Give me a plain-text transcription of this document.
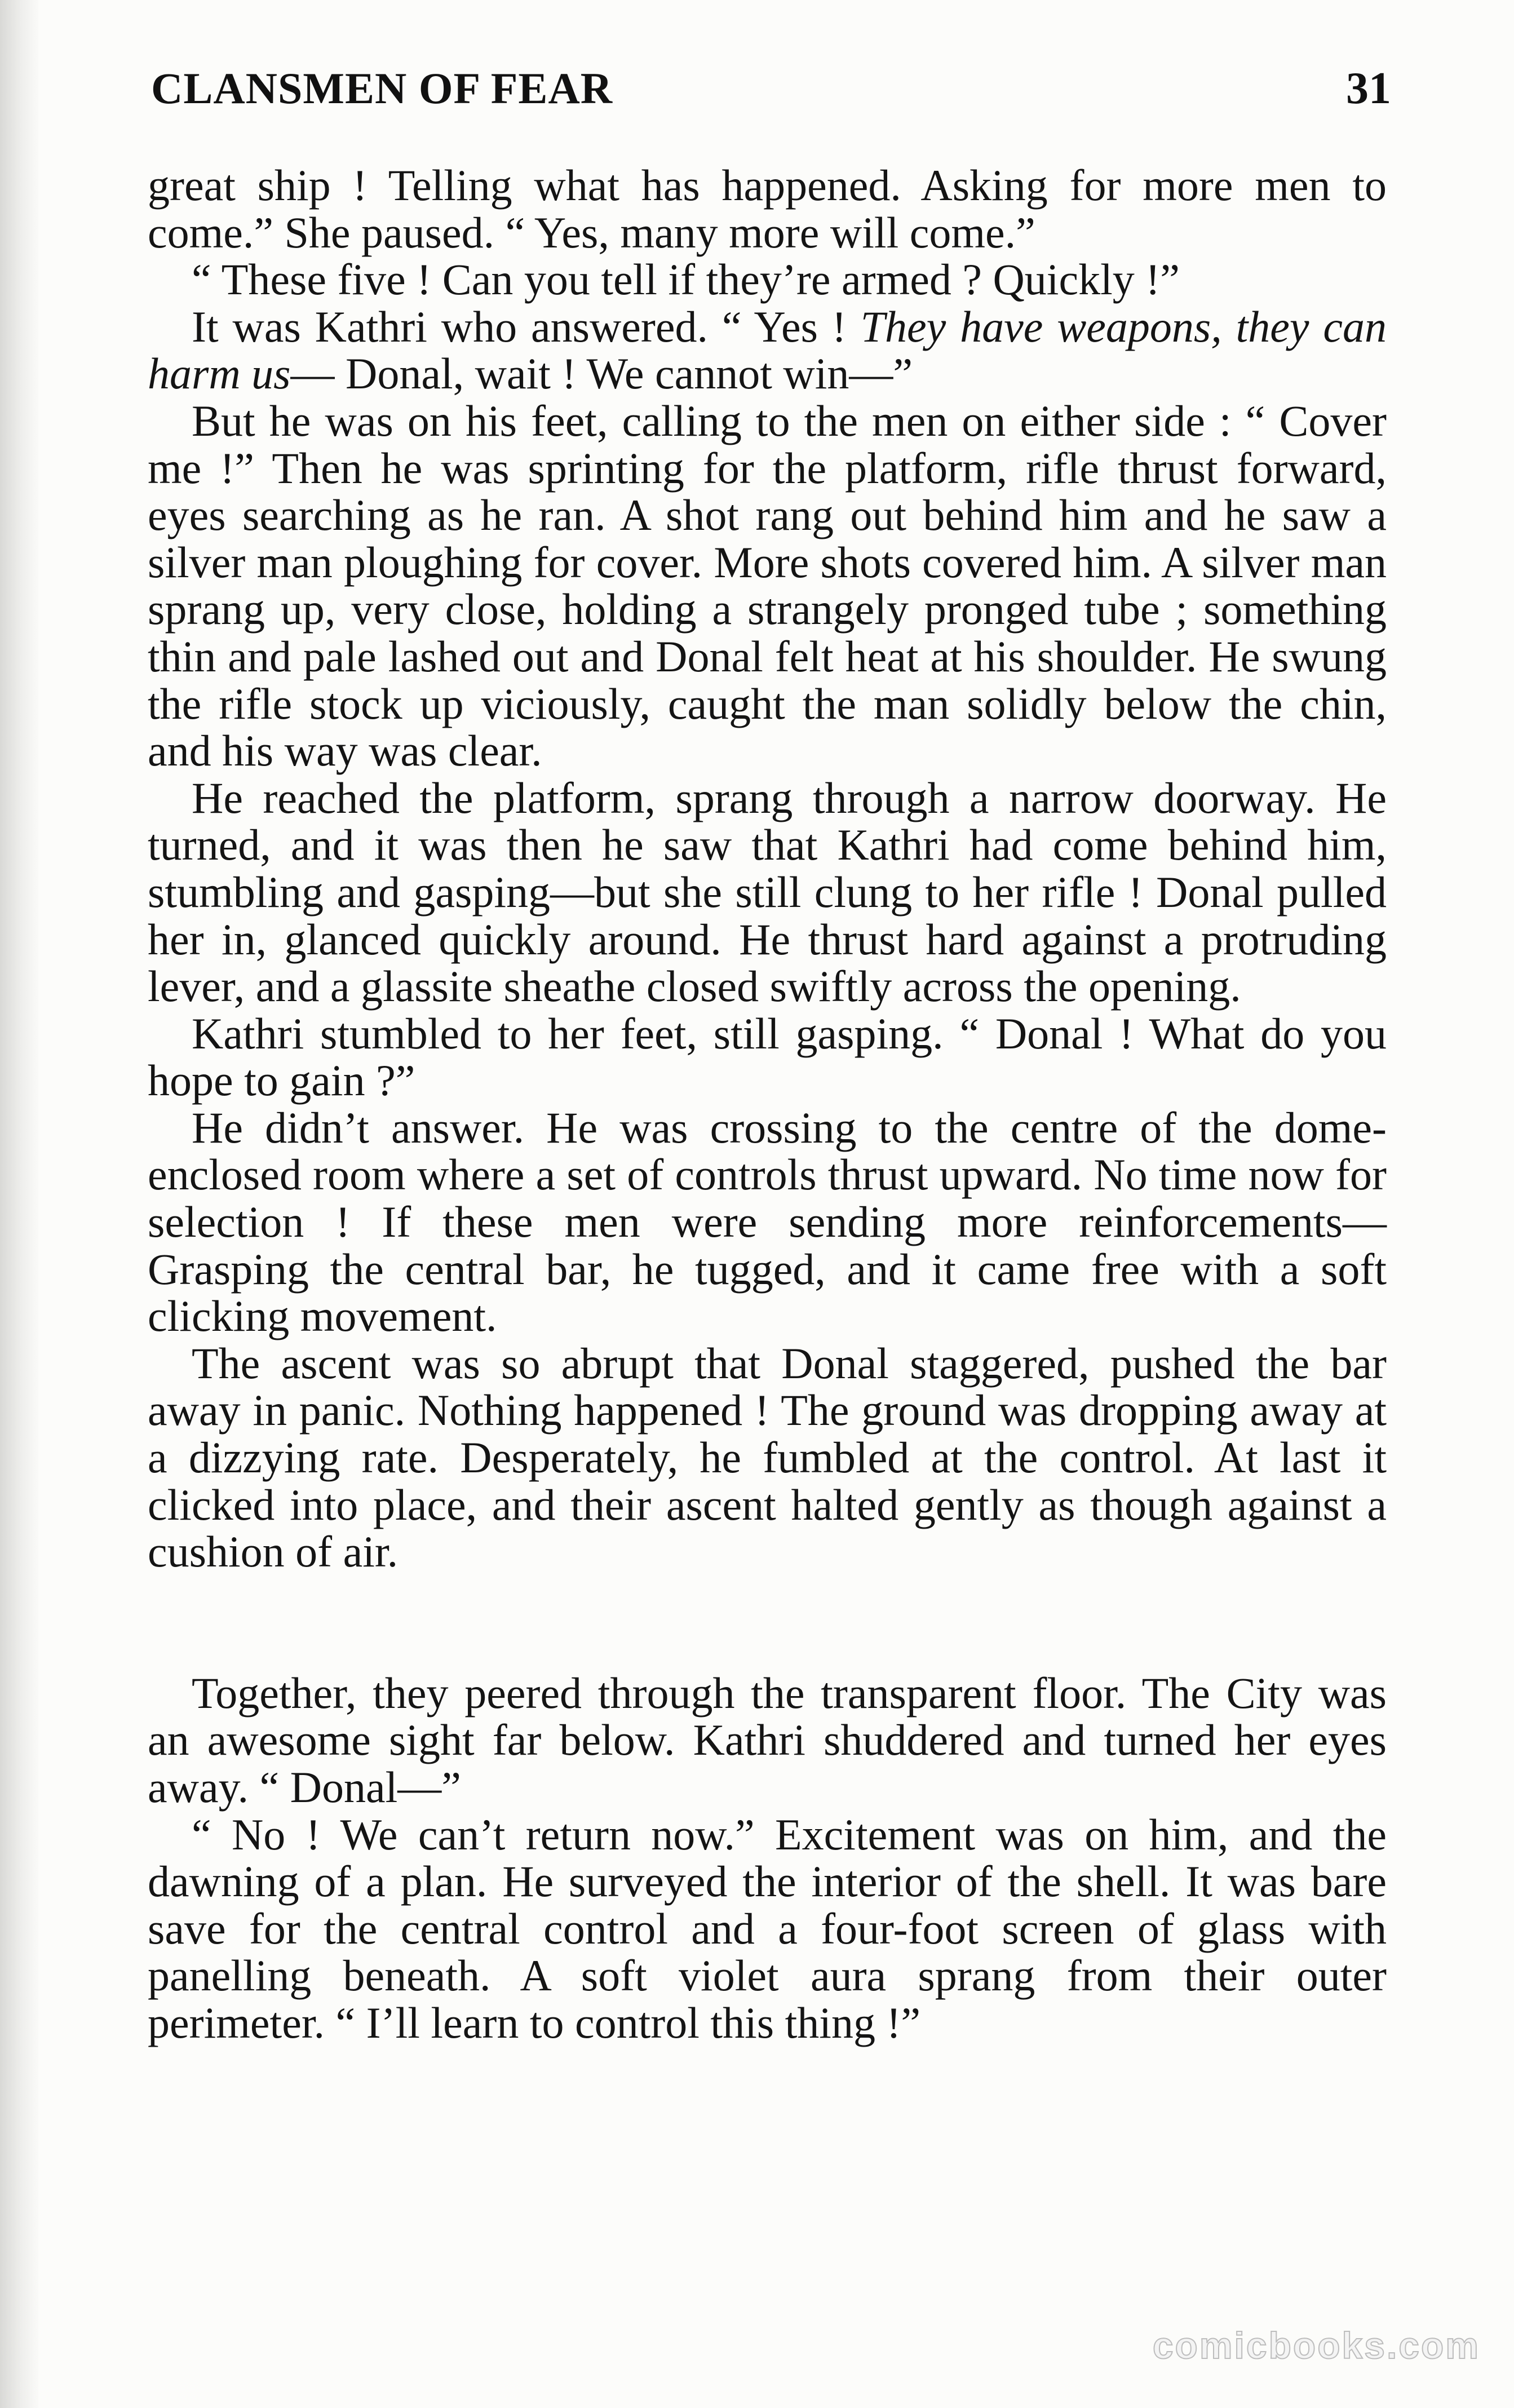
CLANSMEN OF FEAR	31

great ship ! Telling what has happened. Asking for more men to come.” She paused. “ Yes, many more will come.”

“ These five ! Can you tell if they’re armed ? Quickly !”

It was Kathri who answered. “ Yes ! They have weapons, they can harm us— Donal, wait ! We cannot win—”

But he was on his feet, calling to the men on either side : “ Cover me !” Then he was sprinting for the platform, rifle thrust forward, eyes searching as he ran. A shot rang out behind him and he saw a silver man ploughing for cover. More shots covered him. A silver man sprang up, very close, holding a strangely pronged tube ; something thin and pale lashed out and Donal felt heat at his shoulder. He swung the rifle stock up viciously, caught the man solidly below the chin, and his way was clear.

He reached the platform, sprang through a narrow doorway. He turned, and it was then he saw that Kathri had come behind him, stumbling and gasping—but she still clung to her rifle ! Donal pulled her in, glanced quickly around. He thrust hard against a protruding lever, and a glassite sheathe closed swiftly across the opening.

Kathri stumbled to her feet, still gasping. “ Donal ! What do you hope to gain ?”

He didn’t answer. He was crossing to the centre of the dome-enclosed room where a set of controls thrust upward. No time now for selection ! If these men were sending more reinforcements— Grasping the central bar, he tugged, and it came free with a soft clicking movement.

The ascent was so abrupt that Donal staggered, pushed the bar away in panic. Nothing happened ! The ground was dropping away at a dizzying rate. Desperately, he fumbled at the control. At last it clicked into place, and their ascent halted gently as though against a cushion of air.

Together, they peered through the transparent floor. The City was an awesome sight far below. Kathri shuddered and turned her eyes away. “ Donal—”

“ No ! We can’t return now.” Excitement was on him, and the dawning of a plan. He surveyed the interior of the shell. It was bare save for the central control and a four-foot screen of glass with panelling beneath. A soft violet aura sprang from their outer perimeter. “ I’ll learn to control this thing !”

comicbooks.com
